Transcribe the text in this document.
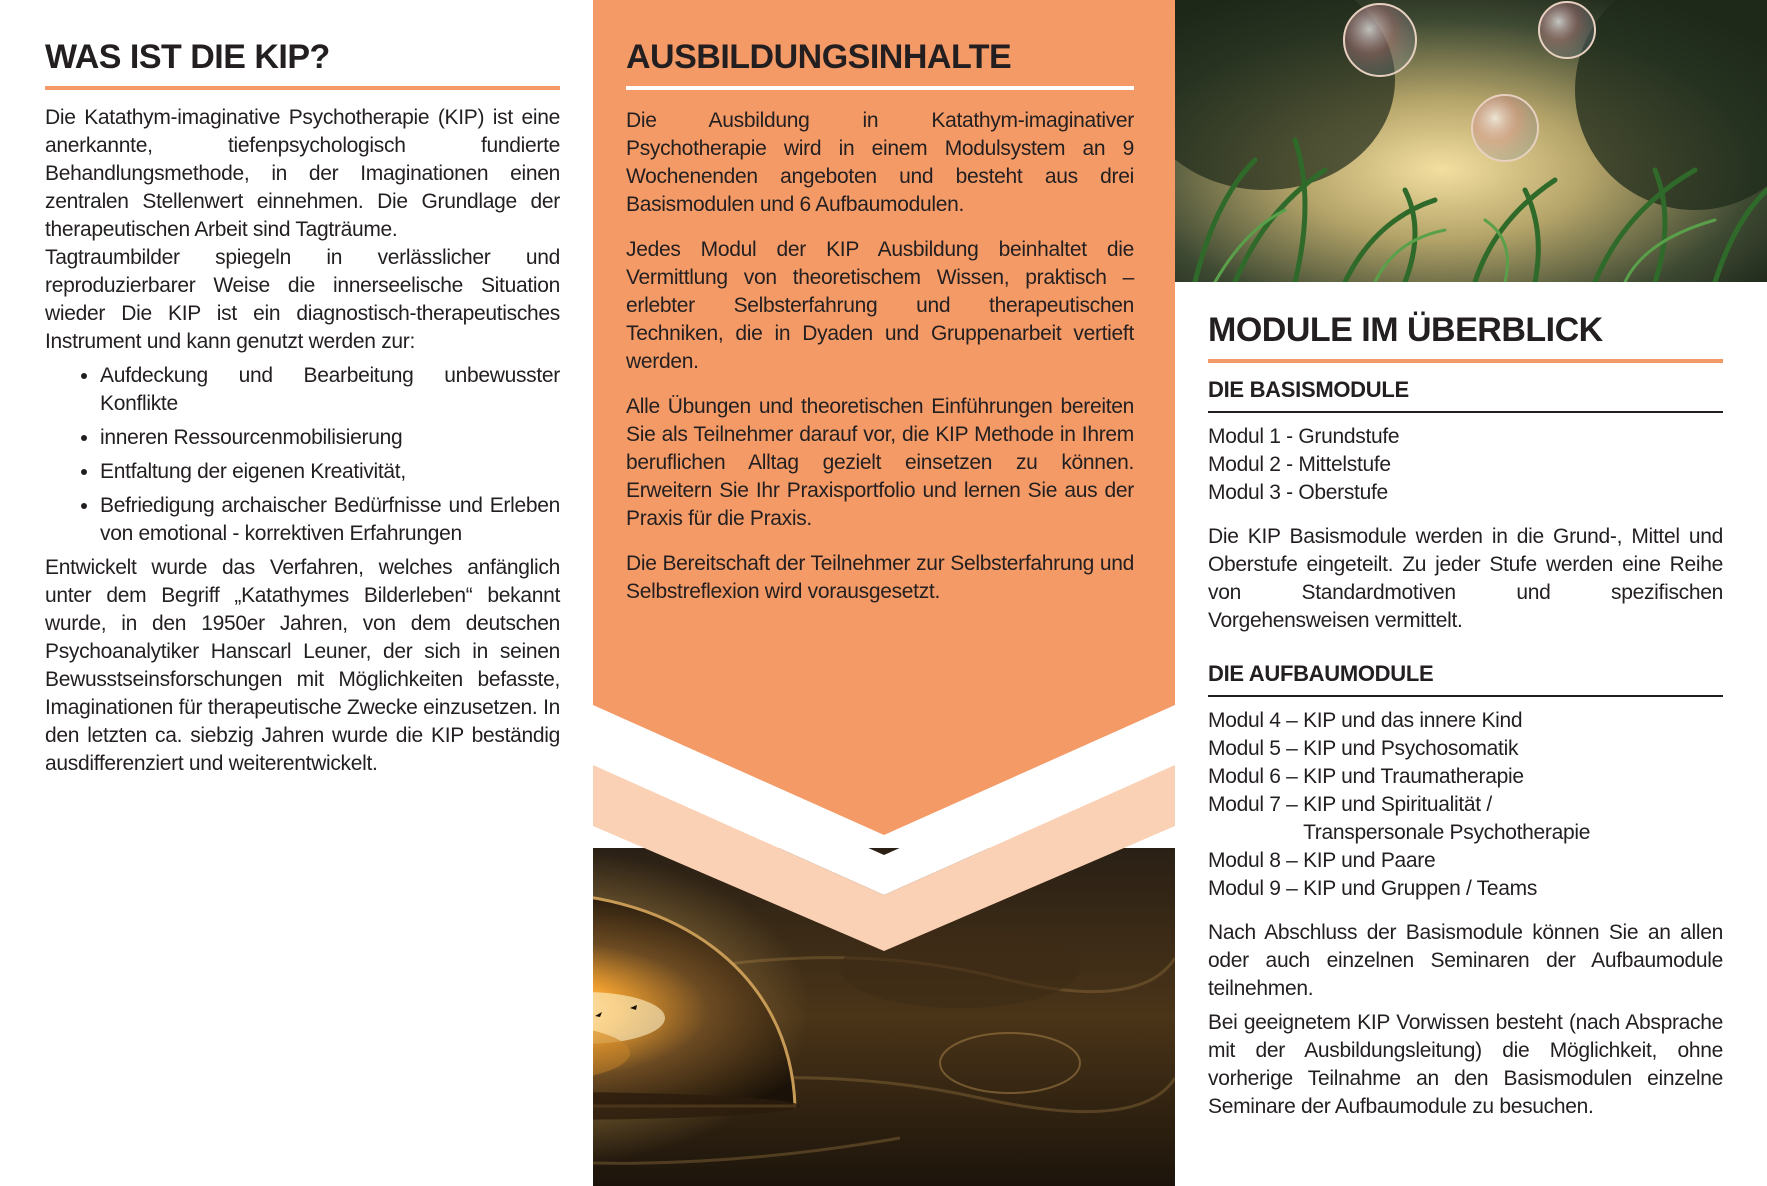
WAS IST DIE KIP?

Die Katathym-imaginative Psychotherapie (KIP) ist eine anerkannte, tiefenpsychologisch fundierte Behandlungsmethode, in der Imaginationen einen zentralen Stellenwert einnehmen. Die Grundlage der therapeutischen Arbeit sind Tagträume.

Tagtraumbilder spiegeln in verlässlicher und reproduzierbarer Weise die innerseelische Situation wieder Die KIP ist ein diagnostisch-therapeutisches Instrument und kann genutzt werden zur:

• Aufdeckung und Bearbeitung unbewusster Konflikte
• inneren Ressourcenmobilisierung
• Entfaltung der eigenen Kreativität,
• Befriedigung archaischer Bedürfnisse und Erleben von emotional - korrektiven Erfahrungen

Entwickelt wurde das Verfahren, welches anfänglich unter dem Begriff „Katathymes Bilderleben“ bekannt wurde, in den 1950er Jahren, von dem deutschen Psychoanalytiker Hanscarl Leuner, der sich in seinen Bewusstseinsforschungen mit Möglichkeiten befasste, Imaginationen für therapeutische Zwecke einzusetzen. In den letzten ca. siebzig Jahren wurde die KIP beständig ausdifferenziert und weiterentwickelt.

AUSBILDUNGSINHALTE

Die Ausbildung in Katathym-imaginativer Psychotherapie wird in einem Modulsystem an 9 Wochenenden angeboten und besteht aus drei Basismodulen und 6 Aufbaumodulen.

Jedes Modul der KIP Ausbildung beinhaltet die Vermittlung von theoretischem Wissen, praktisch – erlebter Selbsterfahrung und therapeutischen Techniken, die in Dyaden und Gruppenarbeit vertieft werden.

Alle Übungen und theoretischen Einführungen bereiten Sie als Teilnehmer darauf vor, die KIP Methode in Ihrem beruflichen Alltag gezielt einsetzen zu können. Erweitern Sie Ihr Praxisportfolio und lernen Sie aus der Praxis für die Praxis.

Die Bereitschaft der Teilnehmer zur Selbsterfahrung und Selbstreflexion wird vorausgesetzt.

MODULE IM ÜBERBLICK
DIE BASISMODULE
Modul 1 - Grundstufe
Modul 2 - Mittelstufe
Modul 3 - Oberstufe

Die KIP Basismodule werden in die Grund-, Mittel und Oberstufe eingeteilt. Zu jeder Stufe werden eine Reihe von Standardmotiven und spezifischen Vorgehensweisen vermittelt.

DIE AUFBAUMODULE
Modul 4 – KIP und das innere Kind
Modul 5 – KIP und Psychosomatik
Modul 6 – KIP und Traumatherapie
Modul 7 – KIP und Spiritualität /
Transpersonale Psychotherapie
Modul 8 – KIP und Paare
Modul 9 – KIP und Gruppen / Teams

Nach Abschluss der Basismodule können Sie an allen oder auch einzelnen Seminaren der Aufbaumodule teilnehmen.

Bei geeignetem KIP Vorwissen besteht (nach Absprache mit der Ausbildungsleitung) die Möglichkeit, ohne vorherige Teilnahme an den Basismodulen einzelne Seminare der Aufbaumodule zu besuchen.
